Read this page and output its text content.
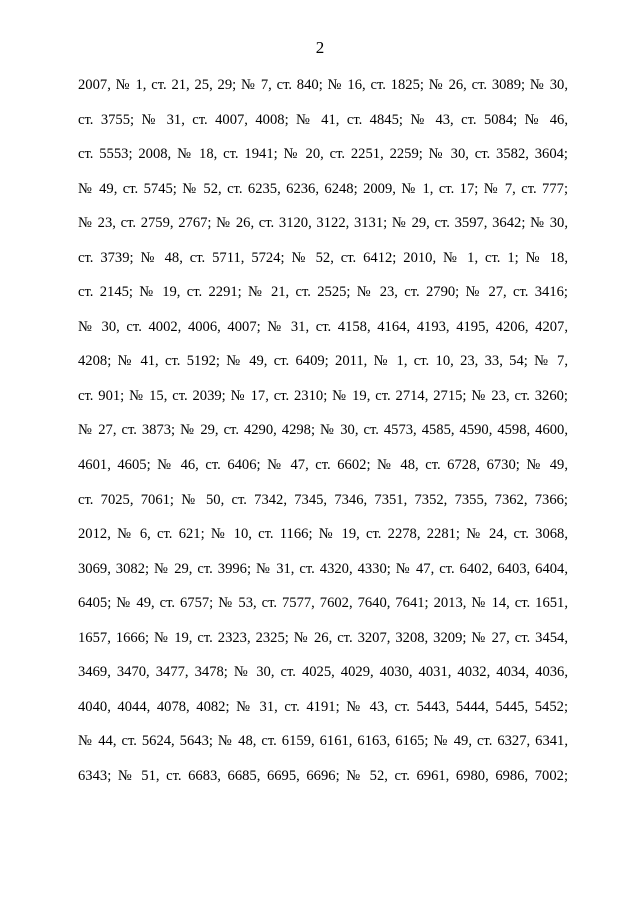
2
2007, № 1, ст. 21, 25, 29; № 7, ст. 840; № 16, ст. 1825; № 26, ст. 3089; № 30,
ст. 3755; № 31, ст. 4007, 4008; № 41, ст. 4845; № 43, ст. 5084; № 46,
ст. 5553; 2008, № 18, ст. 1941; № 20, ст. 2251, 2259; № 30, ст. 3582, 3604;
№ 49, ст. 5745; № 52, ст. 6235, 6236, 6248; 2009, № 1, ст. 17; № 7, ст. 777;
№ 23, ст. 2759, 2767; № 26, ст. 3120, 3122, 3131; № 29, ст. 3597, 3642; № 30,
ст. 3739; № 48, ст. 5711, 5724; № 52, ст. 6412; 2010, № 1, ст. 1; № 18,
ст. 2145; № 19, ст. 2291; № 21, ст. 2525; № 23, ст. 2790; № 27, ст. 3416;
№ 30, ст. 4002, 4006, 4007; № 31, ст. 4158, 4164, 4193, 4195, 4206, 4207,
4208; № 41, ст. 5192; № 49, ст. 6409; 2011, № 1, ст. 10, 23, 33, 54; № 7,
ст. 901; № 15, ст. 2039; № 17, ст. 2310; № 19, ст. 2714, 2715; № 23, ст. 3260;
№ 27, ст. 3873; № 29, ст. 4290, 4298; № 30, ст. 4573, 4585, 4590, 4598, 4600,
4601, 4605; № 46, ст. 6406; № 47, ст. 6602; № 48, ст. 6728, 6730; № 49,
ст. 7025, 7061; № 50, ст. 7342, 7345, 7346, 7351, 7352, 7355, 7362, 7366;
2012, № 6, ст. 621; № 10, ст. 1166; № 19, ст. 2278, 2281; № 24, ст. 3068,
3069, 3082; № 29, ст. 3996; № 31, ст. 4320, 4330; № 47, ст. 6402, 6403, 6404,
6405; № 49, ст. 6757; № 53, ст. 7577, 7602, 7640, 7641; 2013, № 14, ст. 1651,
1657, 1666; № 19, ст. 2323, 2325; № 26, ст. 3207, 3208, 3209; № 27, ст. 3454,
3469, 3470, 3477, 3478; № 30, ст. 4025, 4029, 4030, 4031, 4032, 4034, 4036,
4040, 4044, 4078, 4082; № 31, ст. 4191; № 43, ст. 5443, 5444, 5445, 5452;
№ 44, ст. 5624, 5643; № 48, ст. 6159, 6161, 6163, 6165; № 49, ст. 6327, 6341,
6343; № 51, ст. 6683, 6685, 6695, 6696; № 52, ст. 6961, 6980, 6986, 7002;
